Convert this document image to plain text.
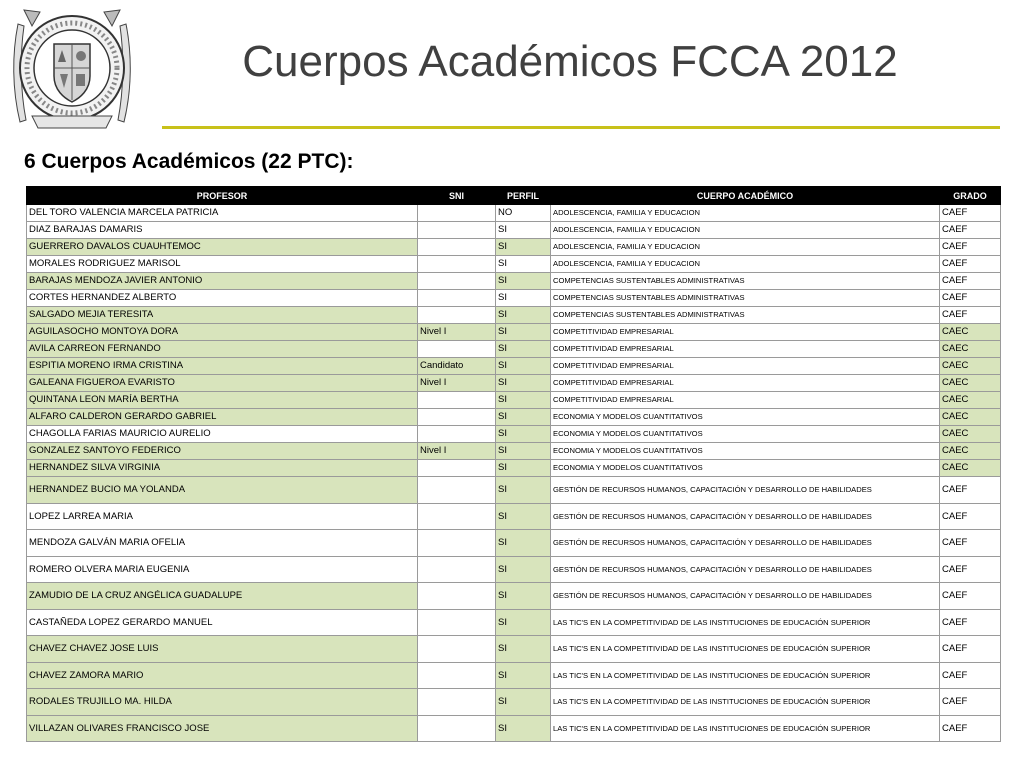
Cuerpos Académicos FCCA 2012
6 Cuerpos Académicos (22 PTC):
PROFESOR	SNI	PERFIL	CUERPO ACADÉMICO	GRADO
DEL TORO VALENCIA MARCELA PATRICIA		NO	ADOLESCENCIA, FAMILIA Y EDUCACION	CAEF
DIAZ BARAJAS DAMARIS		SI	ADOLESCENCIA, FAMILIA Y EDUCACION	CAEF
GUERRERO DAVALOS CUAUHTEMOC		SI	ADOLESCENCIA, FAMILIA Y EDUCACION	CAEF
MORALES RODRIGUEZ MARISOL		SI	ADOLESCENCIA, FAMILIA Y EDUCACION	CAEF
BARAJAS MENDOZA JAVIER ANTONIO		SI	COMPETENCIAS SUSTENTABLES ADMINISTRATIVAS	CAEF
CORTES HERNANDEZ ALBERTO		SI	COMPETENCIAS SUSTENTABLES ADMINISTRATIVAS	CAEF
SALGADO MEJIA TERESITA		SI	COMPETENCIAS SUSTENTABLES ADMINISTRATIVAS	CAEF
AGUILASOCHO MONTOYA DORA	Nivel I	SI	COMPETITIVIDAD EMPRESARIAL	CAEC
AVILA CARREON FERNANDO		SI	COMPETITIVIDAD EMPRESARIAL	CAEC
ESPITIA MORENO IRMA CRISTINA	Candidato	SI	COMPETITIVIDAD EMPRESARIAL	CAEC
GALEANA FIGUEROA EVARISTO	Nivel I	SI	COMPETITIVIDAD EMPRESARIAL	CAEC
QUINTANA LEON MARÍA BERTHA		SI	COMPETITIVIDAD EMPRESARIAL	CAEC
ALFARO CALDERON GERARDO GABRIEL		SI	ECONOMIA Y MODELOS CUANTITATIVOS	CAEC
CHAGOLLA FARIAS MAURICIO AURELIO		SI	ECONOMIA Y MODELOS CUANTITATIVOS	CAEC
GONZALEZ SANTOYO FEDERICO	Nivel I	SI	ECONOMIA Y MODELOS CUANTITATIVOS	CAEC
HERNANDEZ SILVA VIRGINIA		SI	ECONOMIA Y MODELOS CUANTITATIVOS	CAEC
HERNANDEZ BUCIO MA YOLANDA		SI	GESTIÓN DE RECURSOS HUMANOS, CAPACITACIÓN Y DESARROLLO DE HABILIDADES	CAEF
LOPEZ LARREA MARIA		SI	GESTIÓN DE RECURSOS HUMANOS, CAPACITACIÓN Y DESARROLLO DE HABILIDADES	CAEF
MENDOZA GALVÁN MARIA OFELIA		SI	GESTIÓN DE RECURSOS HUMANOS, CAPACITACIÓN Y DESARROLLO DE HABILIDADES	CAEF
ROMERO OLVERA MARIA EUGENIA		SI	GESTIÓN DE RECURSOS HUMANOS, CAPACITACIÓN Y DESARROLLO DE HABILIDADES	CAEF
ZAMUDIO DE LA CRUZ ANGÉLICA GUADALUPE		SI	GESTIÓN DE RECURSOS HUMANOS, CAPACITACIÓN Y DESARROLLO DE HABILIDADES	CAEF
CASTAÑEDA LOPEZ GERARDO MANUEL		SI	LAS TIC'S EN LA COMPETITIVIDAD DE LAS INSTITUCIONES DE EDUCACIÓN SUPERIOR	CAEF
CHAVEZ CHAVEZ JOSE LUIS		SI	LAS TIC'S EN LA COMPETITIVIDAD DE LAS INSTITUCIONES DE EDUCACIÓN SUPERIOR	CAEF
CHAVEZ ZAMORA MARIO		SI	LAS TIC'S EN LA COMPETITIVIDAD DE LAS INSTITUCIONES DE EDUCACIÓN SUPERIOR	CAEF
RODALES TRUJILLO MA. HILDA		SI	LAS TIC'S EN LA COMPETITIVIDAD DE LAS INSTITUCIONES DE EDUCACIÓN SUPERIOR	CAEF
VILLAZAN OLIVARES FRANCISCO JOSE		SI	LAS TIC'S EN LA COMPETITIVIDAD DE LAS INSTITUCIONES DE EDUCACIÓN SUPERIOR	CAEF
